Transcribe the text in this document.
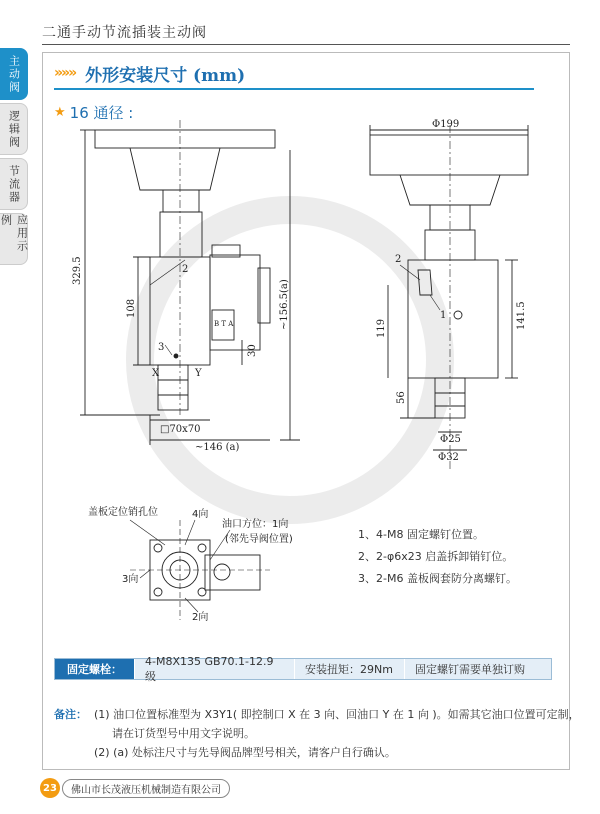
二通手动节流插装主动阀
主动阀
逻辑阀
节流器
应用示例
»»» 外形安装尺寸 (mm)
★ 16 通径 :
329.5
108
30
~156.5(a)
□70x70
~146 (a)
2
3
X	Y
B T A
Φ199
119	141.5
56
Φ25
Φ32
2
1
盖板定位销孔位	4向
油口方位：1向
(邻先导阀位置)
3向
2向
1、4-M8 固定螺钉位置。
2、2-φ6x23 启盖拆卸销钉位。
3、2-M6 盖板阀套防分离螺钉。
固定螺栓：
4-M8X135 GB70.1-12.9 级	安装扭矩：29Nm	固定螺钉需要单独订购
备注： (1) 油口位置标准型为 X3Y1( 即控制口 X 在 3 向、回油口 Y 在 1 向 )。如需其它油口位置可定制，
请在订货型号中用文字说明。
(2) (a) 处标注尺寸与先导阀品牌型号相关，请客户自行确认。
23	佛山市长茂液压机械制造有限公司
